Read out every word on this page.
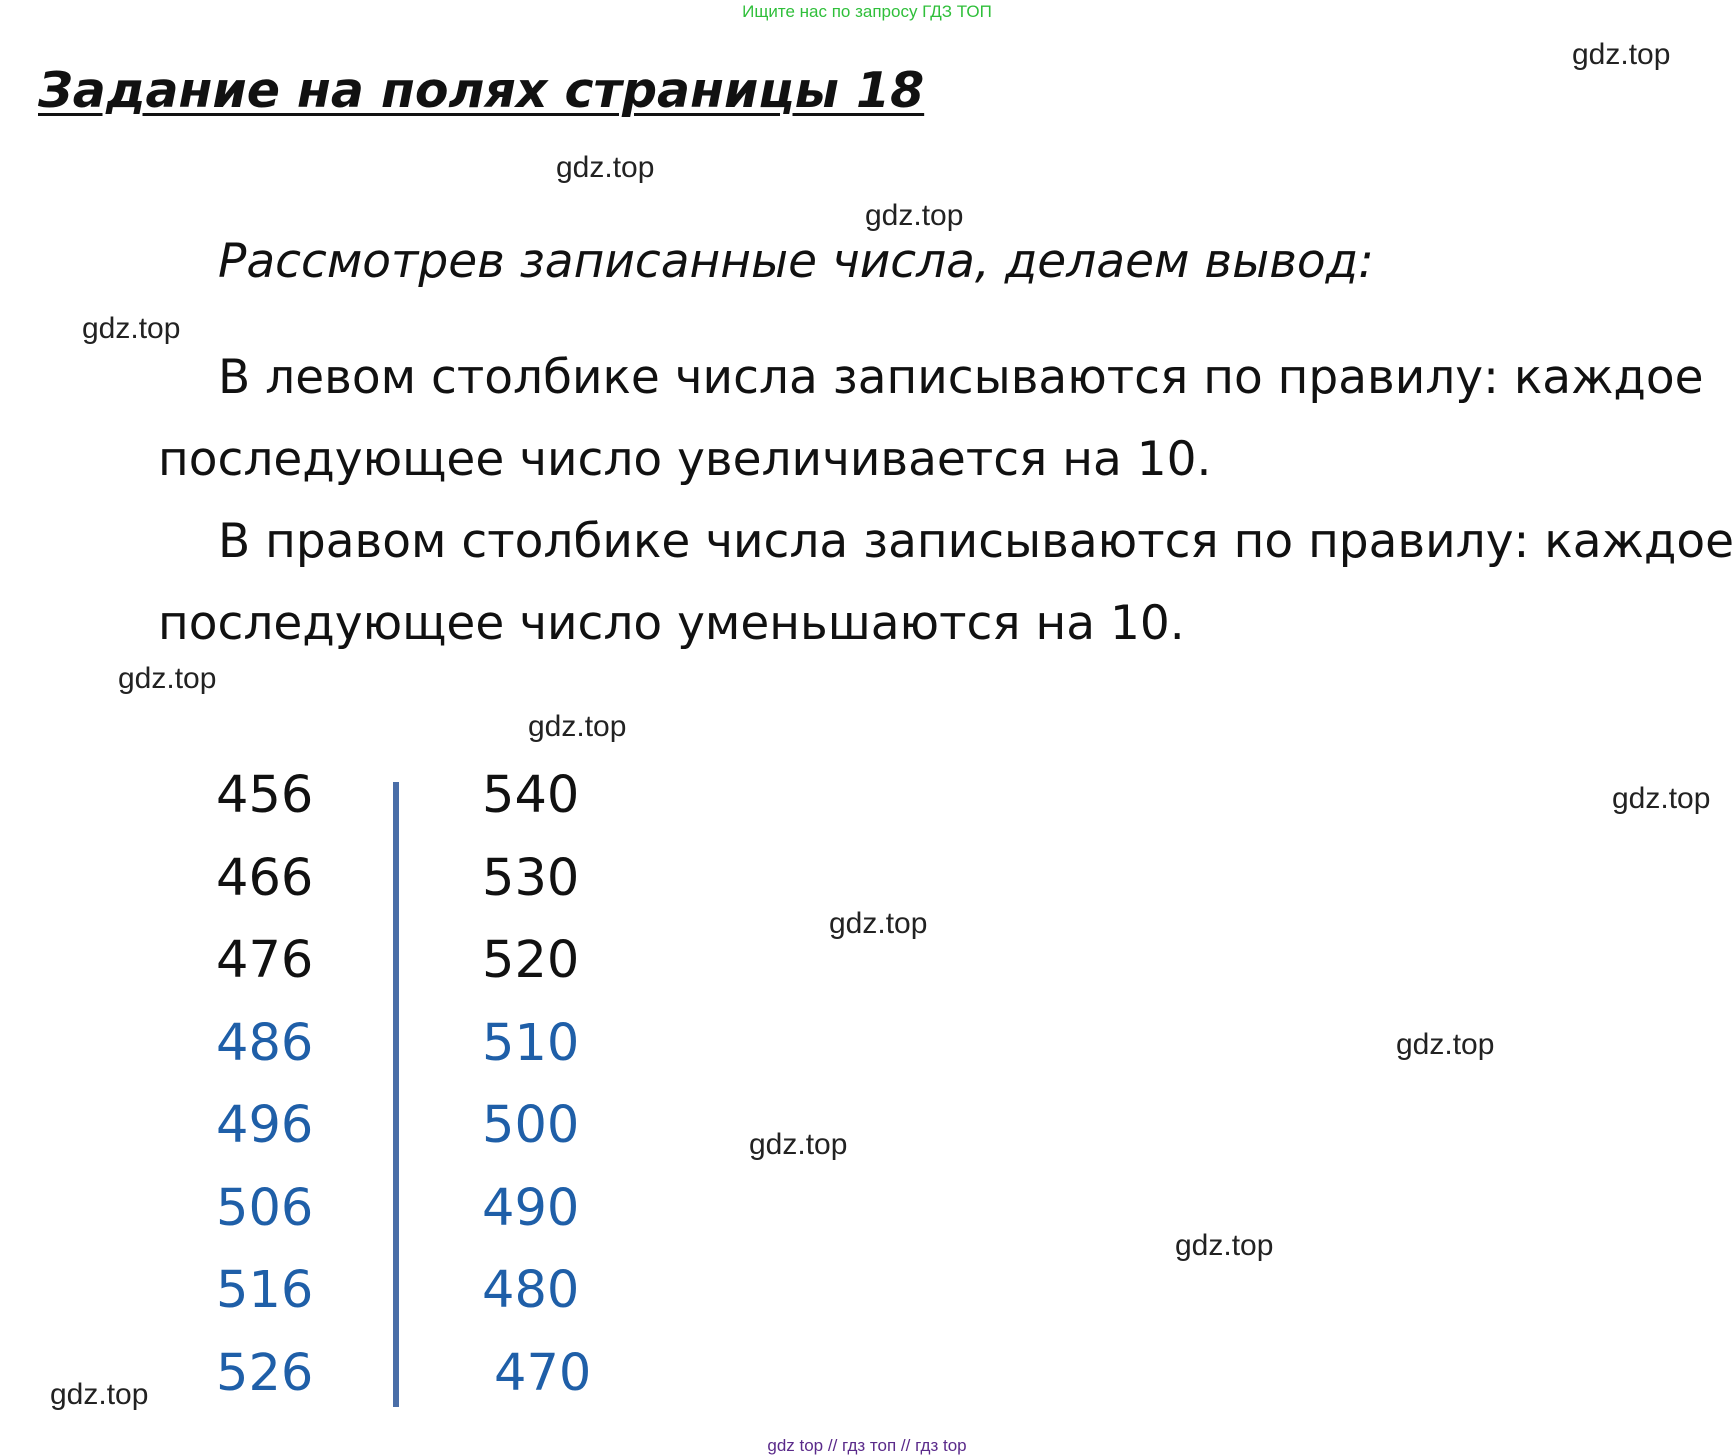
Ищите нас по запросу ГДЗ ТОП
Задание на полях страницы 18
Рассмотрев записанные числа, делаем вывод:
В левом столбике числа записываются по правилу: каждое
последующее число увеличивается на 10.
В правом столбике числа записываются по правилу: каждое
последующее число уменьшаются на 10.
456
466
476
486
496
506
516
526
540
530
520
510
500
490
480
470
gdz.top
gdz.top
gdz.top
gdz.top
gdz.top
gdz.top
gdz.top
gdz.top
gdz.top
gdz.top
gdz.top
gdz.top
gdz top // гдз топ // гдз top
